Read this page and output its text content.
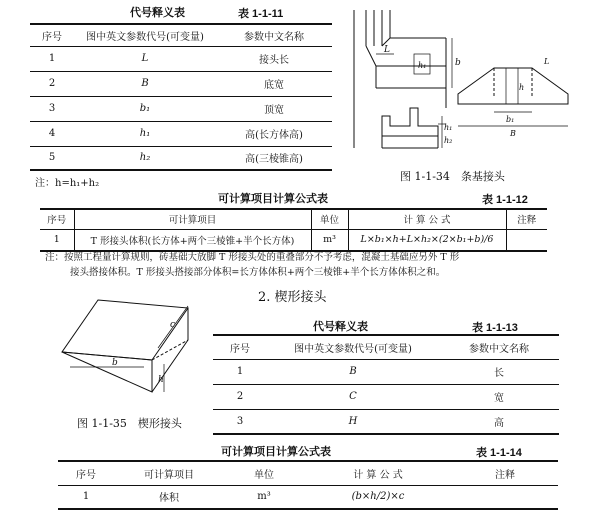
代号释义表	表 1-1-11
序号	图中英文参数代号(可变量)	参数中文名称
1	L	接头长
2	B	底宽
3	b₁	顶宽
4	h₁	高(长方体高)
5	h₂	高(三棱锥高)
注：h=h₁+h₂
L
b
h₁
h₁
h₂
h
b₁
B
L
图 1-1-34　条基接头
可计算项目计算公式表	表 1-1-12
序号	可计算项目	单位	计 算 公 式	注释
1	T 形接头体积(长方体+两个三棱锥+半个长方体)	m³	L×b₁×h+L×h₂×(2×b₁+b)/6	
注：按照工程量计算规则，砖基础大放脚 T 形接头处的重叠部分不予考虑，混凝土基础应另外 T 形
接头搭接体积。T 形接头搭接部分体积=长方体体积+两个三棱锥+半个长方体体积之和。
2. 楔形接头
b
c
h
图 1-1-35　楔形接头
代号释义表	表 1-1-13
序号	图中英文参数代号(可变量)	参数中文名称
1	B	长
2	C	宽
3	H	高
可计算项目计算公式表	表 1-1-14
序号	可计算项目	单位	计 算 公 式	注释
1	体积	m³	(b×h/2)×c	
